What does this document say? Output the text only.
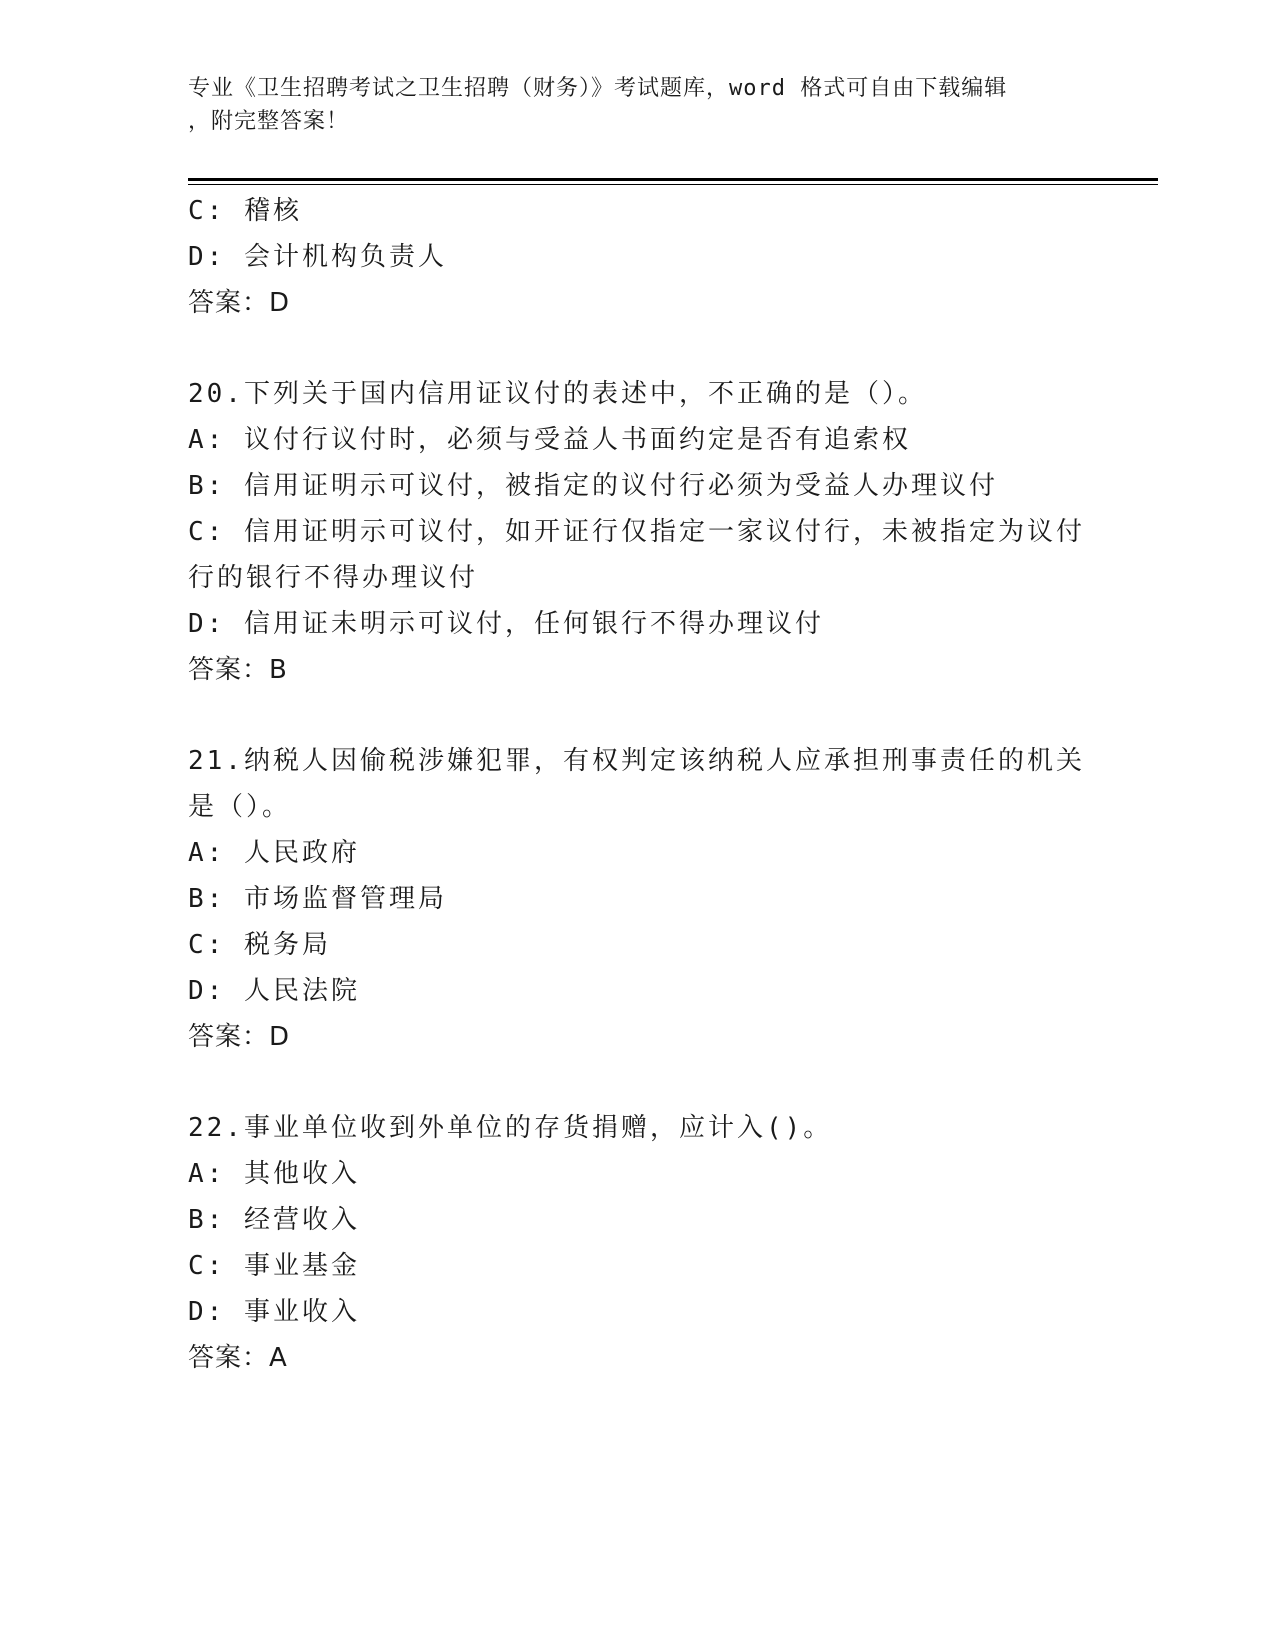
专业《卫生招聘考试之卫生招聘（财务）》考试题库，word 格式可自由下载编辑
，附完整答案！
C: 稽核
D: 会计机构负责人
答案：D
20.下列关于国内信用证议付的表述中，不正确的是（）。
A: 议付行议付时，必须与受益人书面约定是否有追索权
B: 信用证明示可议付，被指定的议付行必须为受益人办理议付
C: 信用证明示可议付，如开证行仅指定一家议付行，未被指定为议付
行的银行不得办理议付
D: 信用证未明示可议付，任何银行不得办理议付
答案：B
21.纳税人因偷税涉嫌犯罪，有权判定该纳税人应承担刑事责任的机关
是（）。
A: 人民政府
B: 市场监督管理局
C: 税务局
D: 人民法院
答案：D
22.事业单位收到外单位的存货捐赠，应计入()。
A: 其他收入
B: 经营收入
C: 事业基金
D: 事业收入
答案：A
